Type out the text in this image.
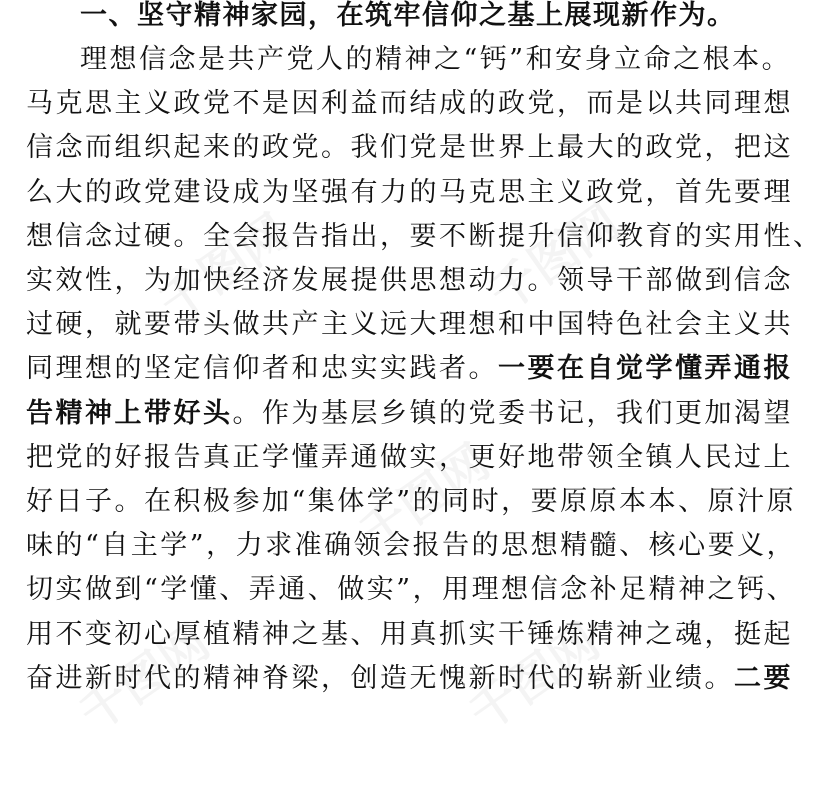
千图网	千图网
千图网
千图网	千图网
一、坚守精神家园，在筑牢信仰之基上展现新作为。
理想信念是共产党人的精神之“钙”和安身立命之根本。
马克思主义政党不是因利益而结成的政党，而是以共同理想
信念而组织起来的政党。我们党是世界上最大的政党，把这
么大的政党建设成为坚强有力的马克思主义政党，首先要理
想信念过硬。全会报告指出，要不断提升信仰教育的实用性、
实效性，为加快经济发展提供思想动力。领导干部做到信念
过硬，就要带头做共产主义远大理想和中国特色社会主义共
同理想的坚定信仰者和忠实实践者。一要在自觉学懂弄通报
告精神上带好头。作为基层乡镇的党委书记，我们更加渴望
把党的好报告真正学懂弄通做实，更好地带领全镇人民过上
好日子。在积极参加“集体学”的同时，要原原本本、原汁原
味的“自主学”，力求准确领会报告的思想精髓、核心要义，
切实做到“学懂、弄通、做实”，用理想信念补足精神之钙、
用不变初心厚植精神之基、用真抓实干锤炼精神之魂，挺起
奋进新时代的精神脊梁，创造无愧新时代的崭新业绩。二要
